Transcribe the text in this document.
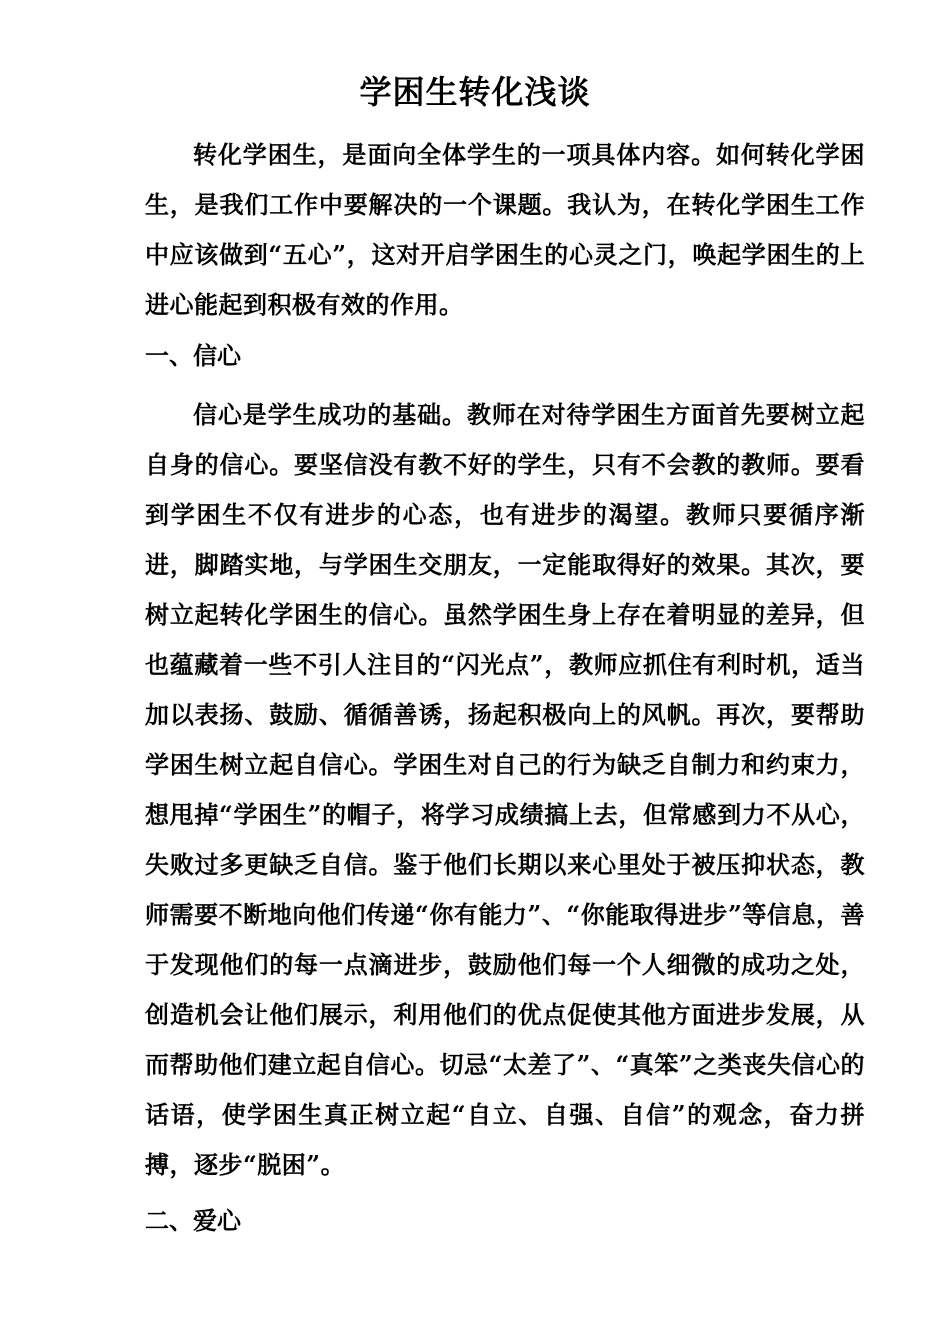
学困生转化浅谈
转化学困生，是面向全体学生的一项具体内容。如何转化学困生，是我们工作中要解决的一个课题。我认为，在转化学困生工作中应该做到“五心”，这对开启学困生的心灵之门，唤起学困生的上进心能起到积极有效的作用。
一、信心
信心是学生成功的基础。教师在对待学困生方面首先要树立起自身的信心。要坚信没有教不好的学生，只有不会教的教师。要看到学困生不仅有进步的心态，也有进步的渴望。教师只要循序渐进，脚踏实地，与学困生交朋友，一定能取得好的效果。其次，要树立起转化学困生的信心。虽然学困生身上存在着明显的差异，但也蕴藏着一些不引人注目的“闪光点”，教师应抓住有利时机，适当加以表扬、鼓励、循循善诱，扬起积极向上的风帆。再次，要帮助学困生树立起自信心。学困生对自己的行为缺乏自制力和约束力，想甩掉“学困生”的帽子，将学习成绩搞上去，但常感到力不从心，失败过多更缺乏自信。鉴于他们长期以来心里处于被压抑状态，教师需要不断地向他们传递“你有能力”、“你能取得进步”等信息，善于发现他们的每一点滴进步，鼓励他们每一个人细微的成功之处，创造机会让他们展示，利用他们的优点促使其他方面进步发展，从而帮助他们建立起自信心。切忌“太差了”、“真笨”之类丧失信心的话语，使学困生真正树立起“自立、自强、自信”的观念，奋力拼搏，逐步“脱困”。
二、爱心
